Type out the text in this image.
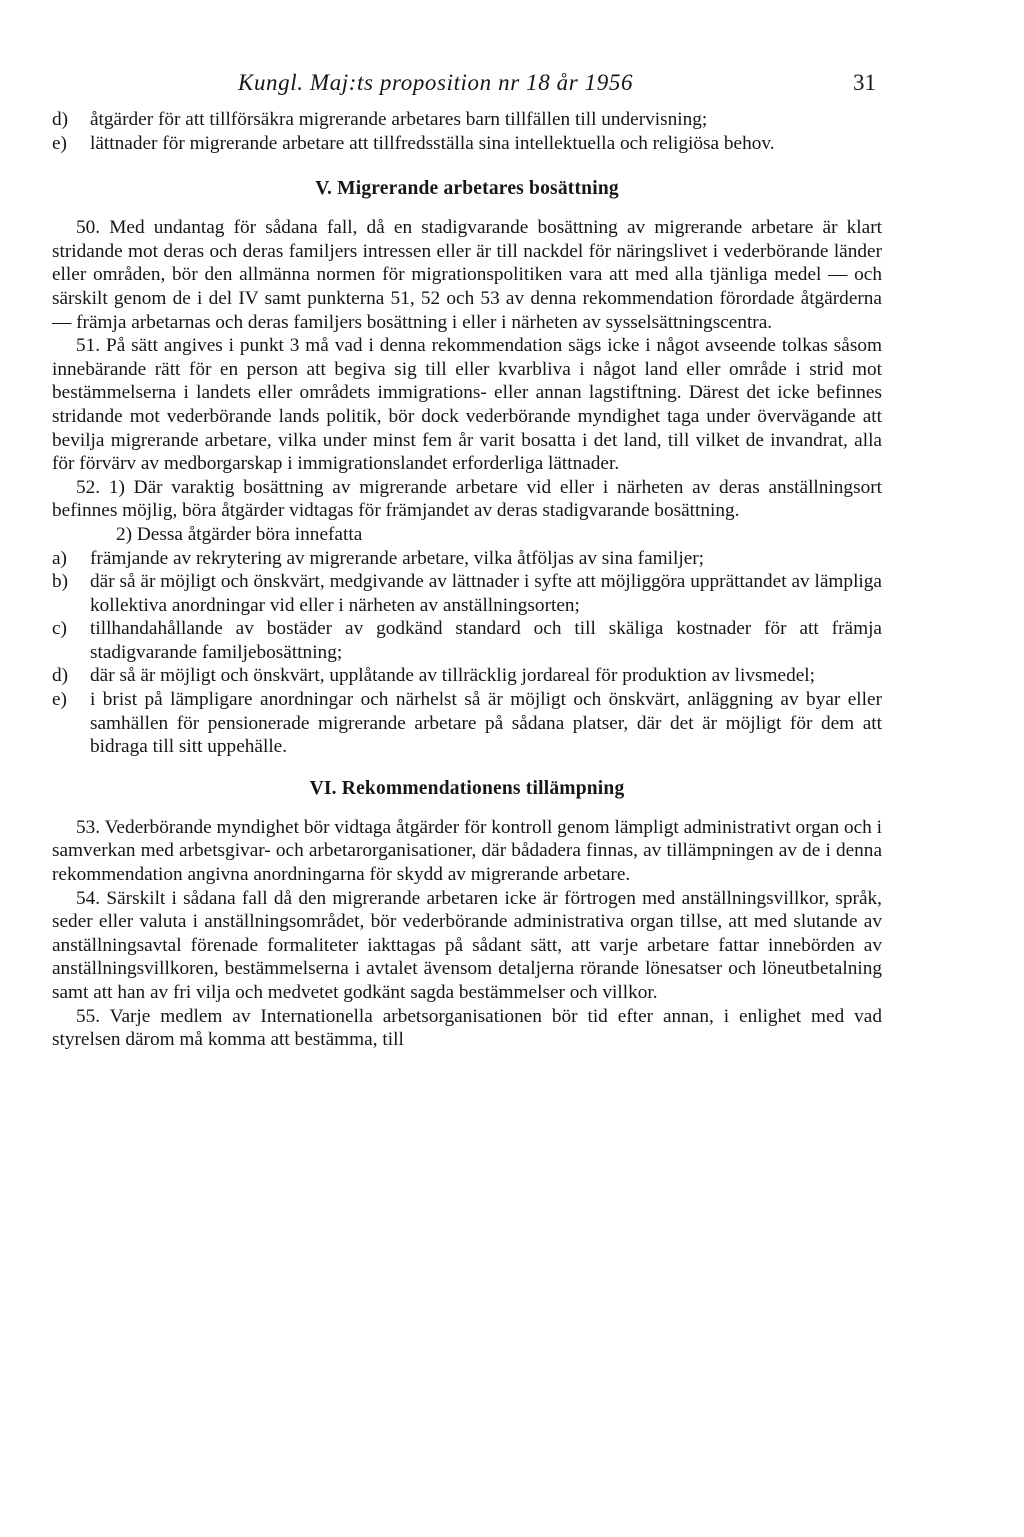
Kungl. Maj:ts proposition nr 18 år 1956	31
d)	åtgärder för att tillförsäkra migrerande arbetares barn tillfällen till undervisning;
e)	lättnader för migrerande arbetare att tillfredsställa sina intellektuella och religiösa behov.
V. Migrerande arbetares bosättning

50. Med undantag för sådana fall, då en stadigvarande bosättning av migrerande arbetare är klart stridande mot deras och deras familjers intressen eller är till nackdel för näringslivet i vederbörande länder eller områden, bör den allmänna normen för migrationspolitiken vara att med alla tjänliga medel — och särskilt genom de i del IV samt punkterna 51, 52 och 53 av denna rekommendation förordade åtgärderna — främja arbetarnas och deras familjers bosättning i eller i närheten av sysselsättningscentra.

51. På sätt angives i punkt 3 må vad i denna rekommendation sägs icke i något avseende tolkas såsom innebärande rätt för en person att begiva sig till eller kvarbliva i något land eller område i strid mot bestämmelserna i landets eller områdets immigrations- eller annan lagstiftning. Därest det icke befinnes stridande mot vederbörande lands politik, bör dock vederbörande myndighet taga under övervägande att bevilja migrerande arbetare, vilka under minst fem år varit bosatta i det land, till vilket de invandrat, alla för förvärv av medborgarskap i immigrationslandet erforderliga lättnader.

52. 1) Där varaktig bosättning av migrerande arbetare vid eller i närheten av deras anställningsort befinnes möjlig, böra åtgärder vidtagas för främjandet av deras stadigvarande bosättning.

2) Dessa åtgärder böra innefatta

a)	främjande av rekrytering av migrerande arbetare, vilka åtföljas av sina familjer;
b)	där så är möjligt och önskvärt, medgivande av lättnader i syfte att möjliggöra upprättandet av lämpliga kollektiva anordningar vid eller i närheten av anställningsorten;
c)	tillhandahållande av bostäder av godkänd standard och till skäliga kostnader för att främja stadigvarande familjebosättning;
d)	där så är möjligt och önskvärt, upplåtande av tillräcklig jordareal för produktion av livsmedel;
e)	i brist på lämpligare anordningar och närhelst så är möjligt och önskvärt, anläggning av byar eller samhällen för pensionerade migrerande arbetare på sådana platser, där det är möjligt för dem att bidraga till sitt uppehälle.
VI. Rekommendationens tillämpning

53. Vederbörande myndighet bör vidtaga åtgärder för kontroll genom lämpligt administrativt organ och i samverkan med arbetsgivar- och arbetarorganisationer, där bådadera finnas, av tillämpningen av de i denna rekommendation angivna anordningarna för skydd av migrerande arbetare.

54. Särskilt i sådana fall då den migrerande arbetaren icke är förtrogen med anställningsvillkor, språk, seder eller valuta i anställningsområdet, bör vederbörande administrativa organ tillse, att med slutande av anställningsavtal förenade formaliteter iakttagas på sådant sätt, att varje arbetare fattar innebörden av anställningsvillkoren, bestämmelserna i avtalet ävensom detaljerna rörande lönesatser och löneutbetalning samt att han av fri vilja och medvetet godkänt sagda bestämmelser och villkor.

55. Varje medlem av Internationella arbetsorganisationen bör tid efter annan, i enlighet med vad styrelsen därom må komma att bestämma, till
